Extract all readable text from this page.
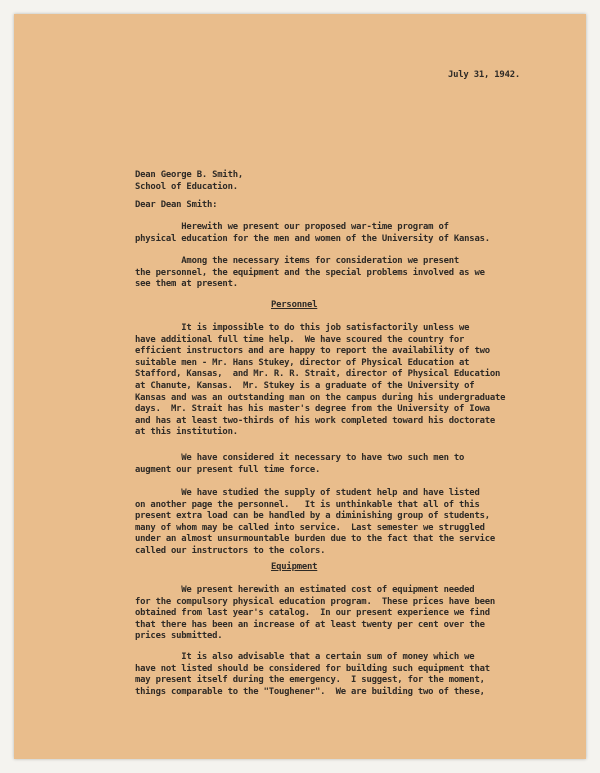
July 31, 1942.
Dean George B. Smith,
School of Education.
Dear Dean Smith:
Herewith we present our proposed war-time program of
physical education for the men and women of the University of Kansas.
Among the necessary items for consideration we present
the personnel, the equipment and the special problems involved as we
see them at present.
Personnel
It is impossible to do this job satisfactorily unless we
have additional full time help.  We have scoured the country for
efficient instructors and are happy to report the availability of two
suitable men - Mr. Hans Stukey, director of Physical Education at
Stafford, Kansas,  and Mr. R. R. Strait, director of Physical Education
at Chanute, Kansas.  Mr. Stukey is a graduate of the University of
Kansas and was an outstanding man on the campus during his undergraduate
days.  Mr. Strait has his master's degree from the University of Iowa
and has at least two-thirds of his work completed toward his doctorate
at this institution.
We have considered it necessary to have two such men to
augment our present full time force.
We have studied the supply of student help and have listed
on another page the personnel.   It is unthinkable that all of this
present extra load can be handled by a diminishing group of students,
many of whom may be called into service.  Last semester we struggled
under an almost unsurmountable burden due to the fact that the service
called our instructors to the colors.
Equipment
We present herewith an estimated cost of equipment needed
for the compulsory physical education program.  These prices have been
obtained from last year's catalog.  In our present experience we find
that there has been an increase of at least twenty per cent over the
prices submitted.
It is also advisable that a certain sum of money which we
have not listed should be considered for building such equipment that
may present itself during the emergency.  I suggest, for the moment,
things comparable to the "Toughener".  We are building two of these,
